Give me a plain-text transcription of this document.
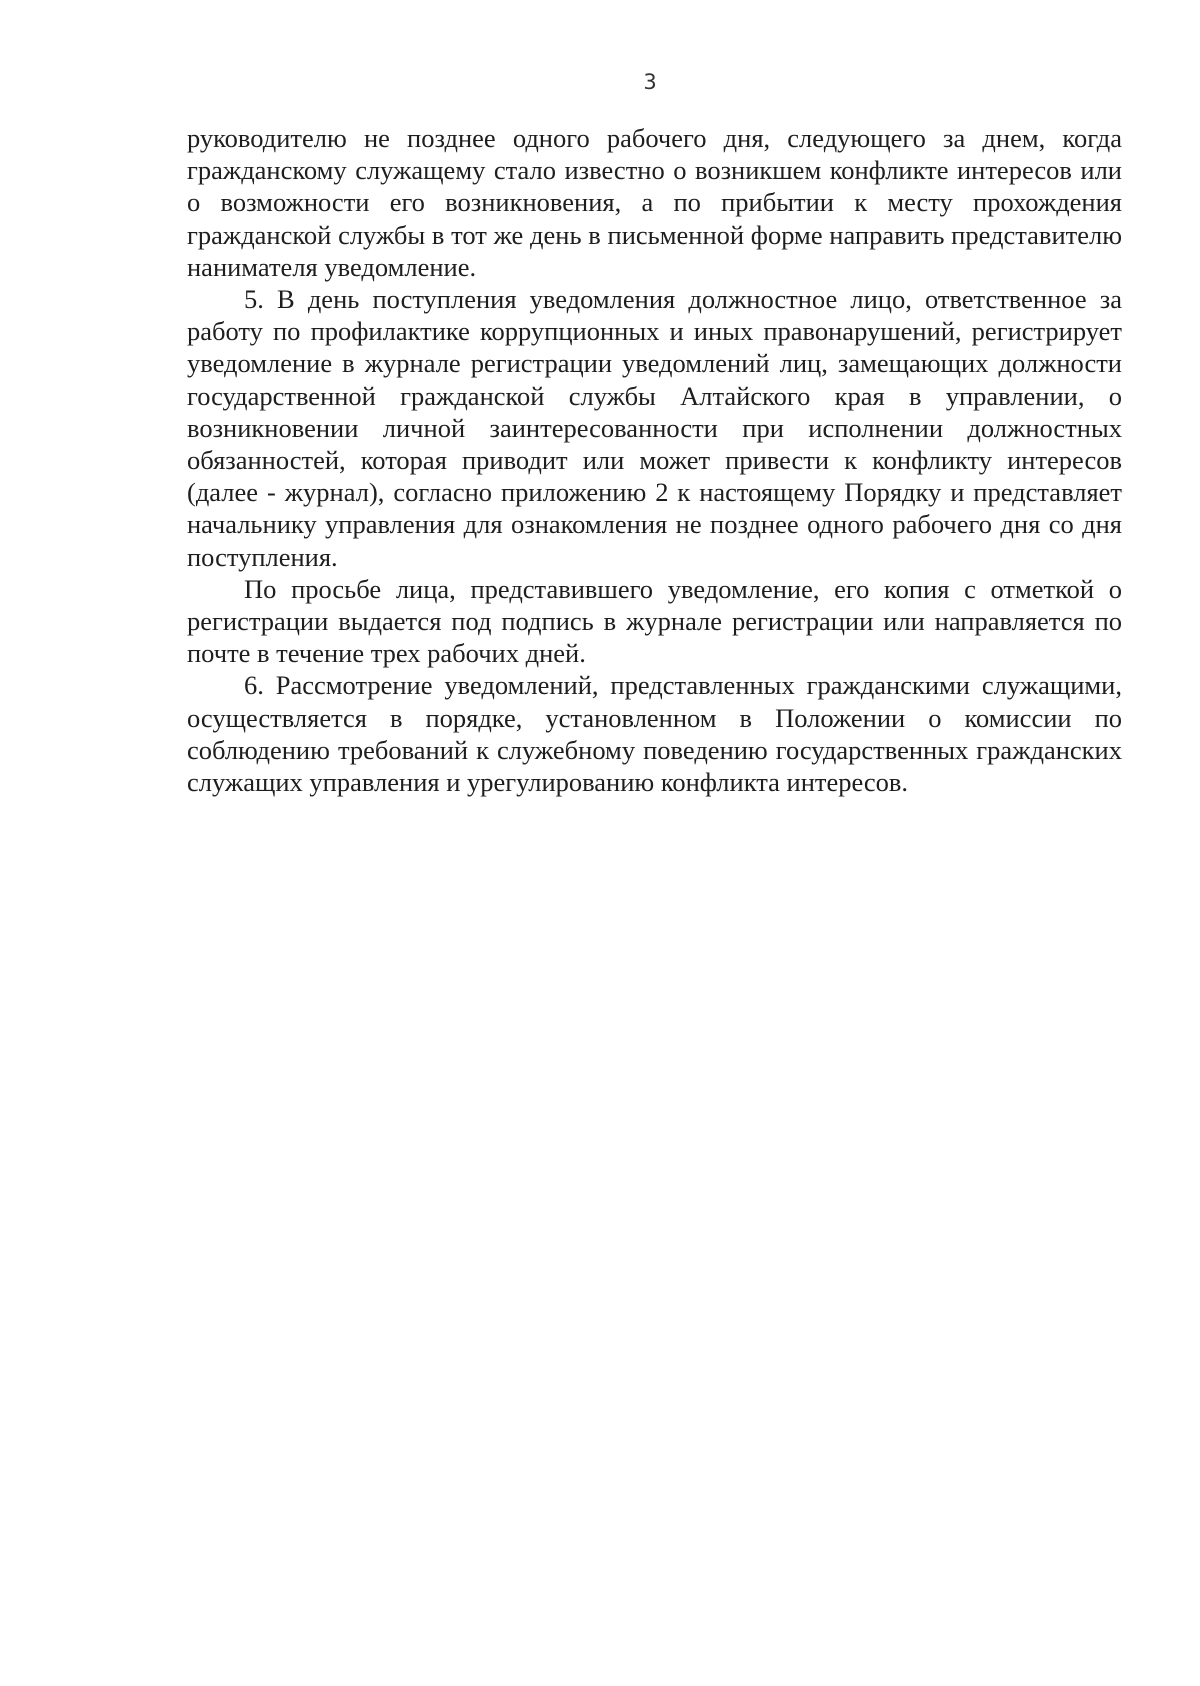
3

руководителю не позднее одного рабочего дня, следующего за днем, когда гражданскому служащему стало известно о возникшем конфликте интересов или о возможности его возникновения, а по прибытии к месту прохождения гражданской службы в тот же день в письменной форме направить представителю нанимателя уведомление.

5. В день поступления уведомления должностное лицо, ответственное за работу по профилактике коррупционных и иных правонарушений, регистрирует уведомление в журнале регистрации уведомлений лиц, замещающих должности государственной гражданской службы Алтайского края в управлении, о возникновении личной заинтересованности при исполнении должностных обязанностей, которая приводит или может привести к конфликту интересов (далее - журнал), согласно приложению 2 к настоящему Порядку и представляет начальнику управления для ознакомления не позднее одного рабочего дня со дня поступления.

По просьбе лица, представившего уведомление, его копия с отметкой о регистрации выдается под подпись в журнале регистрации или направляется по почте в течение трех рабочих дней.

6. Рассмотрение уведомлений, представленных гражданскими служащими, осуществляется в порядке, установленном в Положении о комиссии по соблюдению требований к служебному поведению государственных гражданских служащих управления и урегулированию конфликта интересов.
